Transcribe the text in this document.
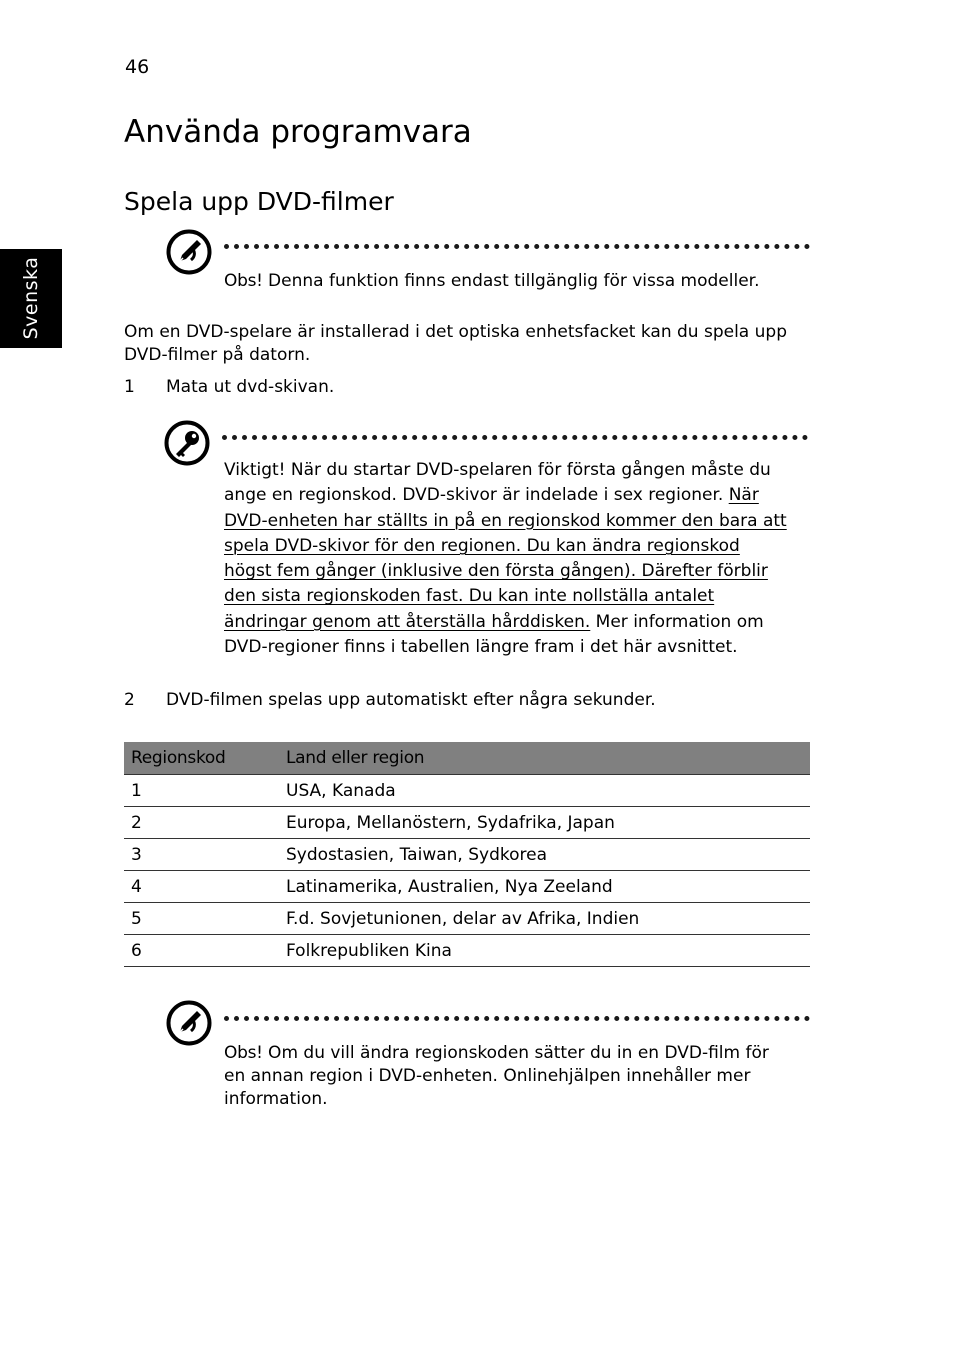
46
Använda programvara
Spela upp DVD-filmer
Svenska	Obs! Denna funktion finns endast tillgänglig för vissa modeller.
Om en DVD-spelare är installerad i det optiska enhetsfacket kan du spela upp
DVD-filmer på datorn.
1 Mata ut dvd-skivan.
Viktigt! När du startar DVD-spelaren för första gången måste du
ange en regionskod. DVD-skivor är indelade i sex regioner. När
DVD-enheten har ställts in på en regionskod kommer den bara att
spela DVD-skivor för den regionen. Du kan ändra regionskod
högst fem gånger (inklusive den första gången). Därefter förblir
den sista regionskoden fast. Du kan inte nollställa antalet
ändringar genom att återställa hårddisken. Mer information om
DVD-regioner finns i tabellen längre fram i det här avsnittet.
2 DVD-filmen spelas upp automatiskt efter några sekunder.
Regionskod	Land eller region
1	USA, Kanada
2	Europa, Mellanöstern, Sydafrika, Japan
3	Sydostasien, Taiwan, Sydkorea
4	Latinamerika, Australien, Nya Zeeland
5	F.d. Sovjetunionen, delar av Afrika, Indien
6	Folkrepubliken Kina
Obs! Om du vill ändra regionskoden sätter du in en DVD-film för
en annan region i DVD-enheten. Onlinehjälpen innehåller mer
information.
